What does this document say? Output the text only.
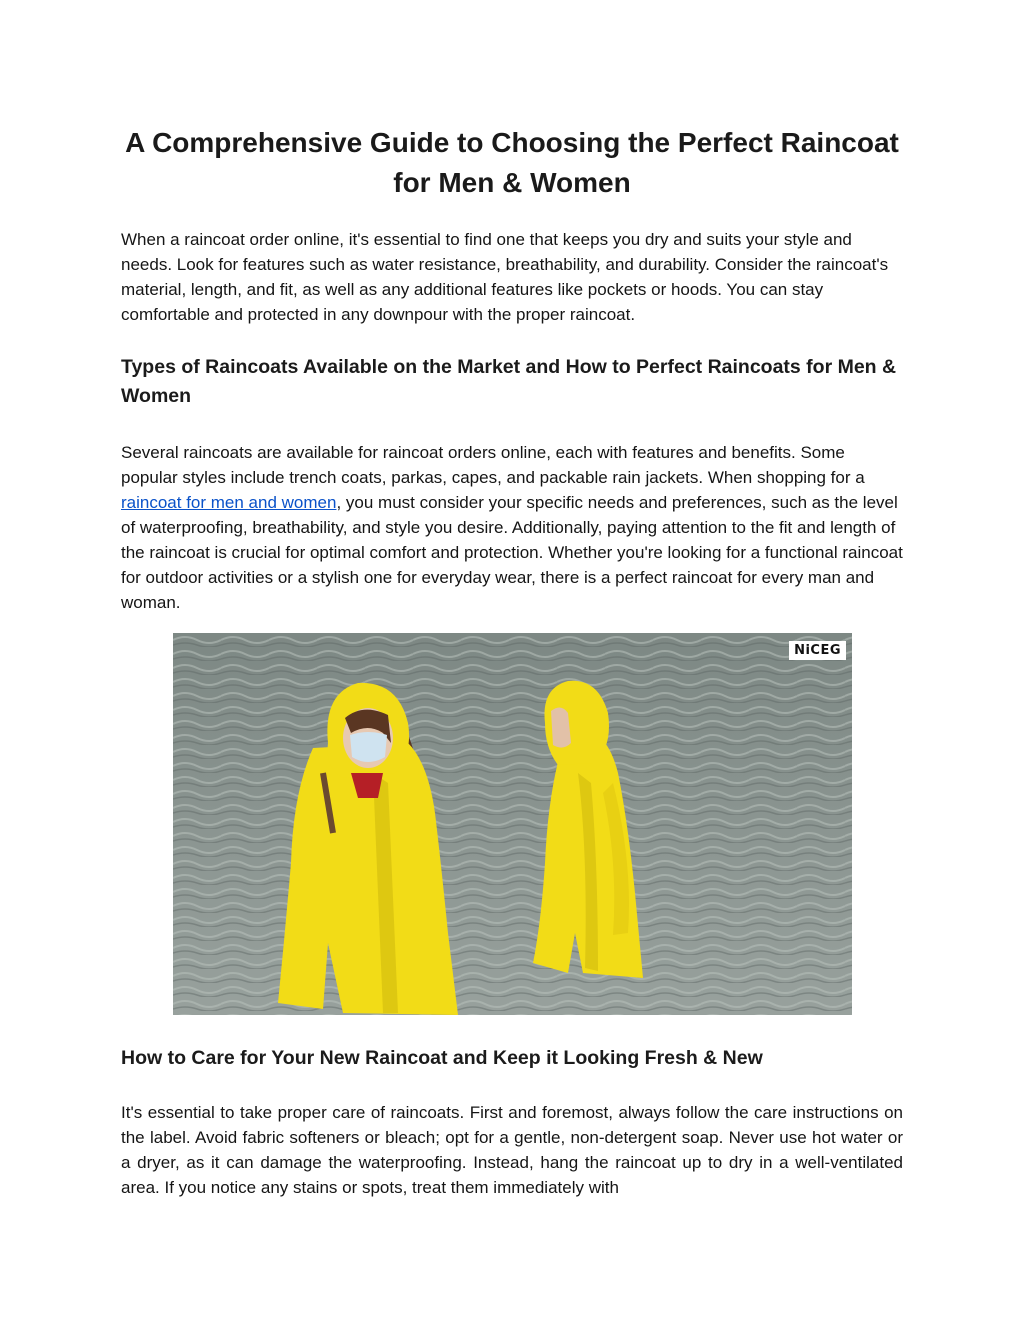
A Comprehensive Guide to Choosing the Perfect Raincoat for Men & Women

When a raincoat order online, it's essential to find one that keeps you dry and suits your style and needs. Look for features such as water resistance, breathability, and durability. Consider the raincoat's material, length, and fit, as well as any additional features like pockets or hoods. You can stay comfortable and protected in any downpour with the proper raincoat.

Types of Raincoats Available on the Market and How to Perfect Raincoats for Men & Women

Several raincoats are available for raincoat orders online, each with features and benefits. Some popular styles include trench coats, parkas, capes, and packable rain jackets. When shopping for a raincoat for men and women, you must consider your specific needs and preferences, such as the level of waterproofing, breathability, and style you desire. Additionally, paying attention to the fit and length of the raincoat is crucial for optimal comfort and protection. Whether you're looking for a functional raincoat for outdoor activities or a stylish one for everyday wear, there is a perfect raincoat for every man and woman.

NiCEG
How to Care for Your New Raincoat and Keep it Looking Fresh & New

It's essential to take proper care of raincoats. First and foremost, always follow the care instructions on the label. Avoid fabric softeners or bleach; opt for a gentle, non-detergent soap. Never use hot water or a dryer, as it can damage the waterproofing. Instead, hang the raincoat up to dry in a well-ventilated area. If you notice any stains or spots, treat them immediately with
